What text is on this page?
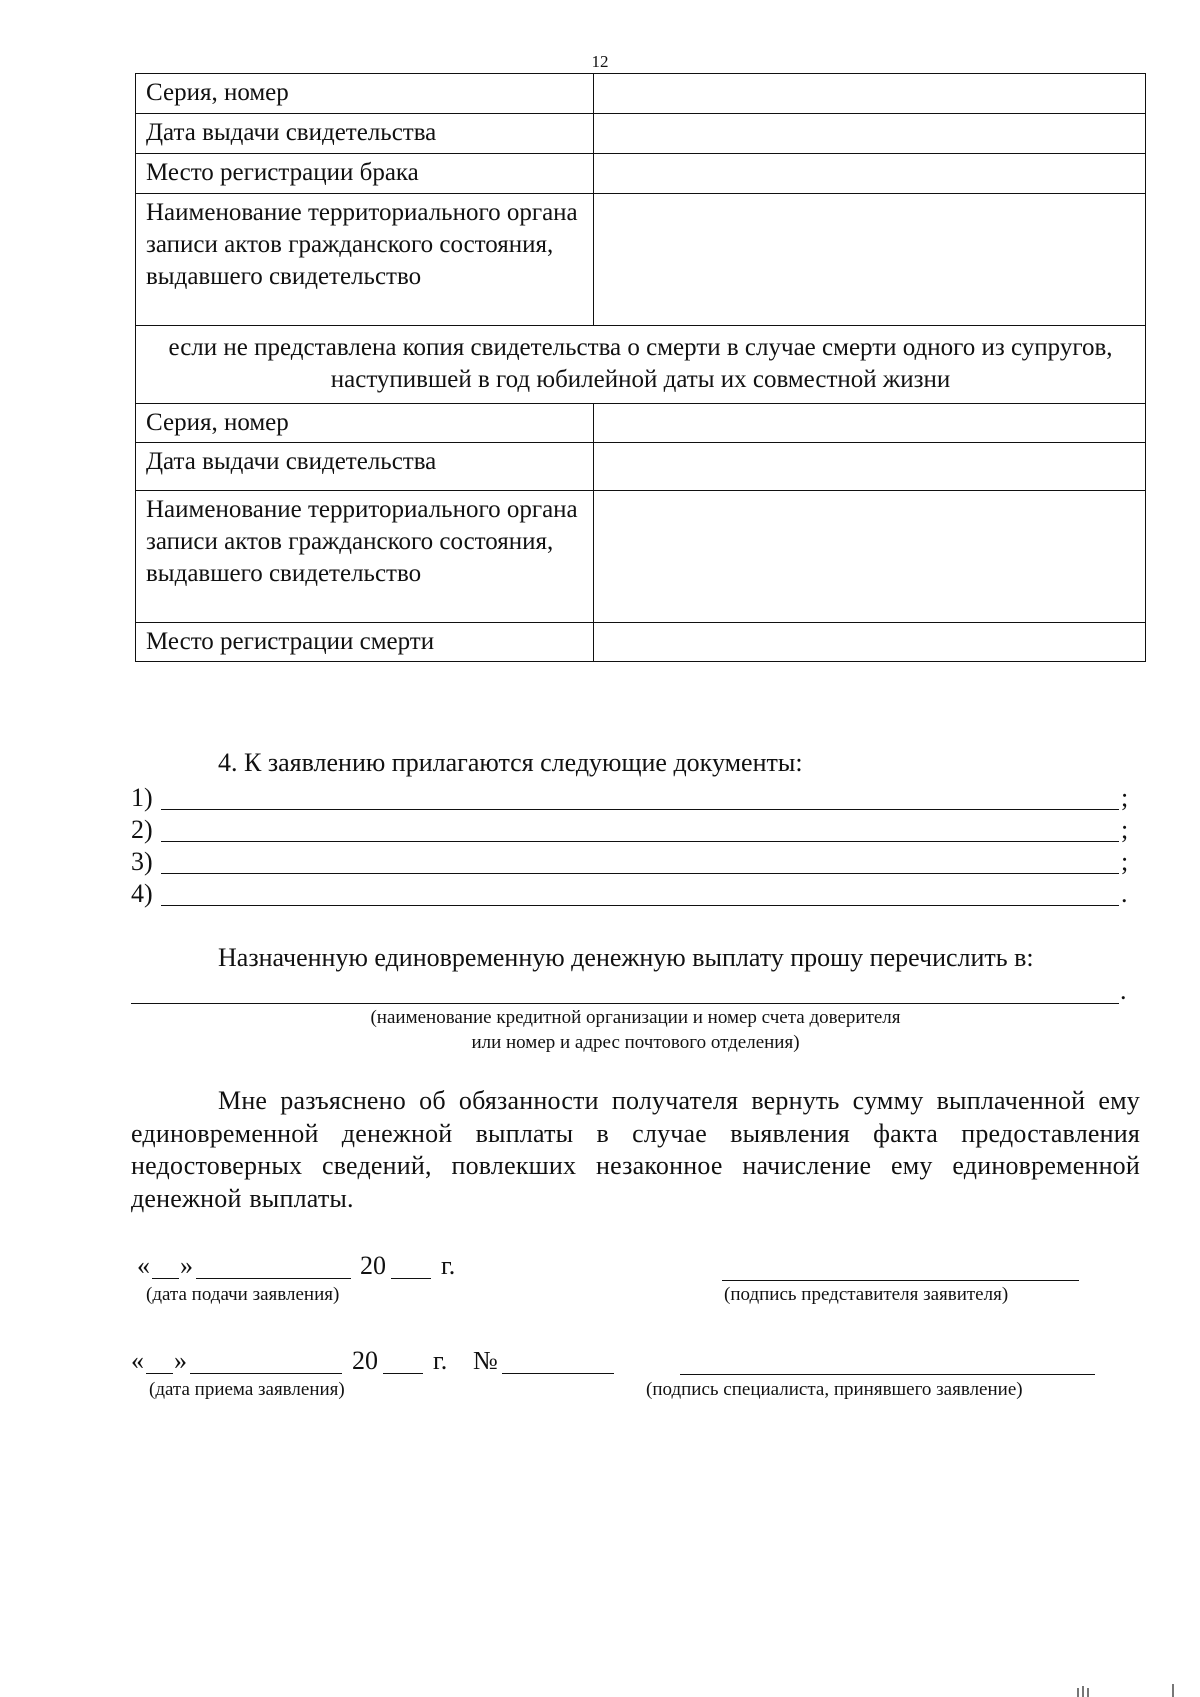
12
Серия, номер	
Дата выдачи свидетельства	
Место регистрации брака	
Наименование территориального органа записи актов гражданского состояния, выдавшего свидетельство	
если не представлена копия свидетельства о смерти в случае смерти одного из супругов, наступившей в год юбилейной даты их совместной жизни	
Серия, номер	
Дата выдачи свидетельства	
Наименование территориального органа записи актов гражданского состояния, выдавшего свидетельство	
Место регистрации смерти	
4. К заявлению прилагаются следующие документы:
1)	;
2)	;
3)	;
4)	.
Назначенную единовременную денежную выплату прошу перечислить в:
.
(наименование кредитной организации и номер счета доверителя
или номер и адрес почтового отделения)
Мне разъяснено об обязанности получателя вернуть сумму выплаченной ему единовременной денежной выплаты в случае выявления факта предоставления недостоверных сведений, повлекших незаконное начисление ему единовременной денежной выплаты.
« »	20 г.
(дата подачи заявления)	(подпись представителя заявителя)
« »	20 г. №
(дата приема заявления)	(подпись специалиста, принявшего заявление)
